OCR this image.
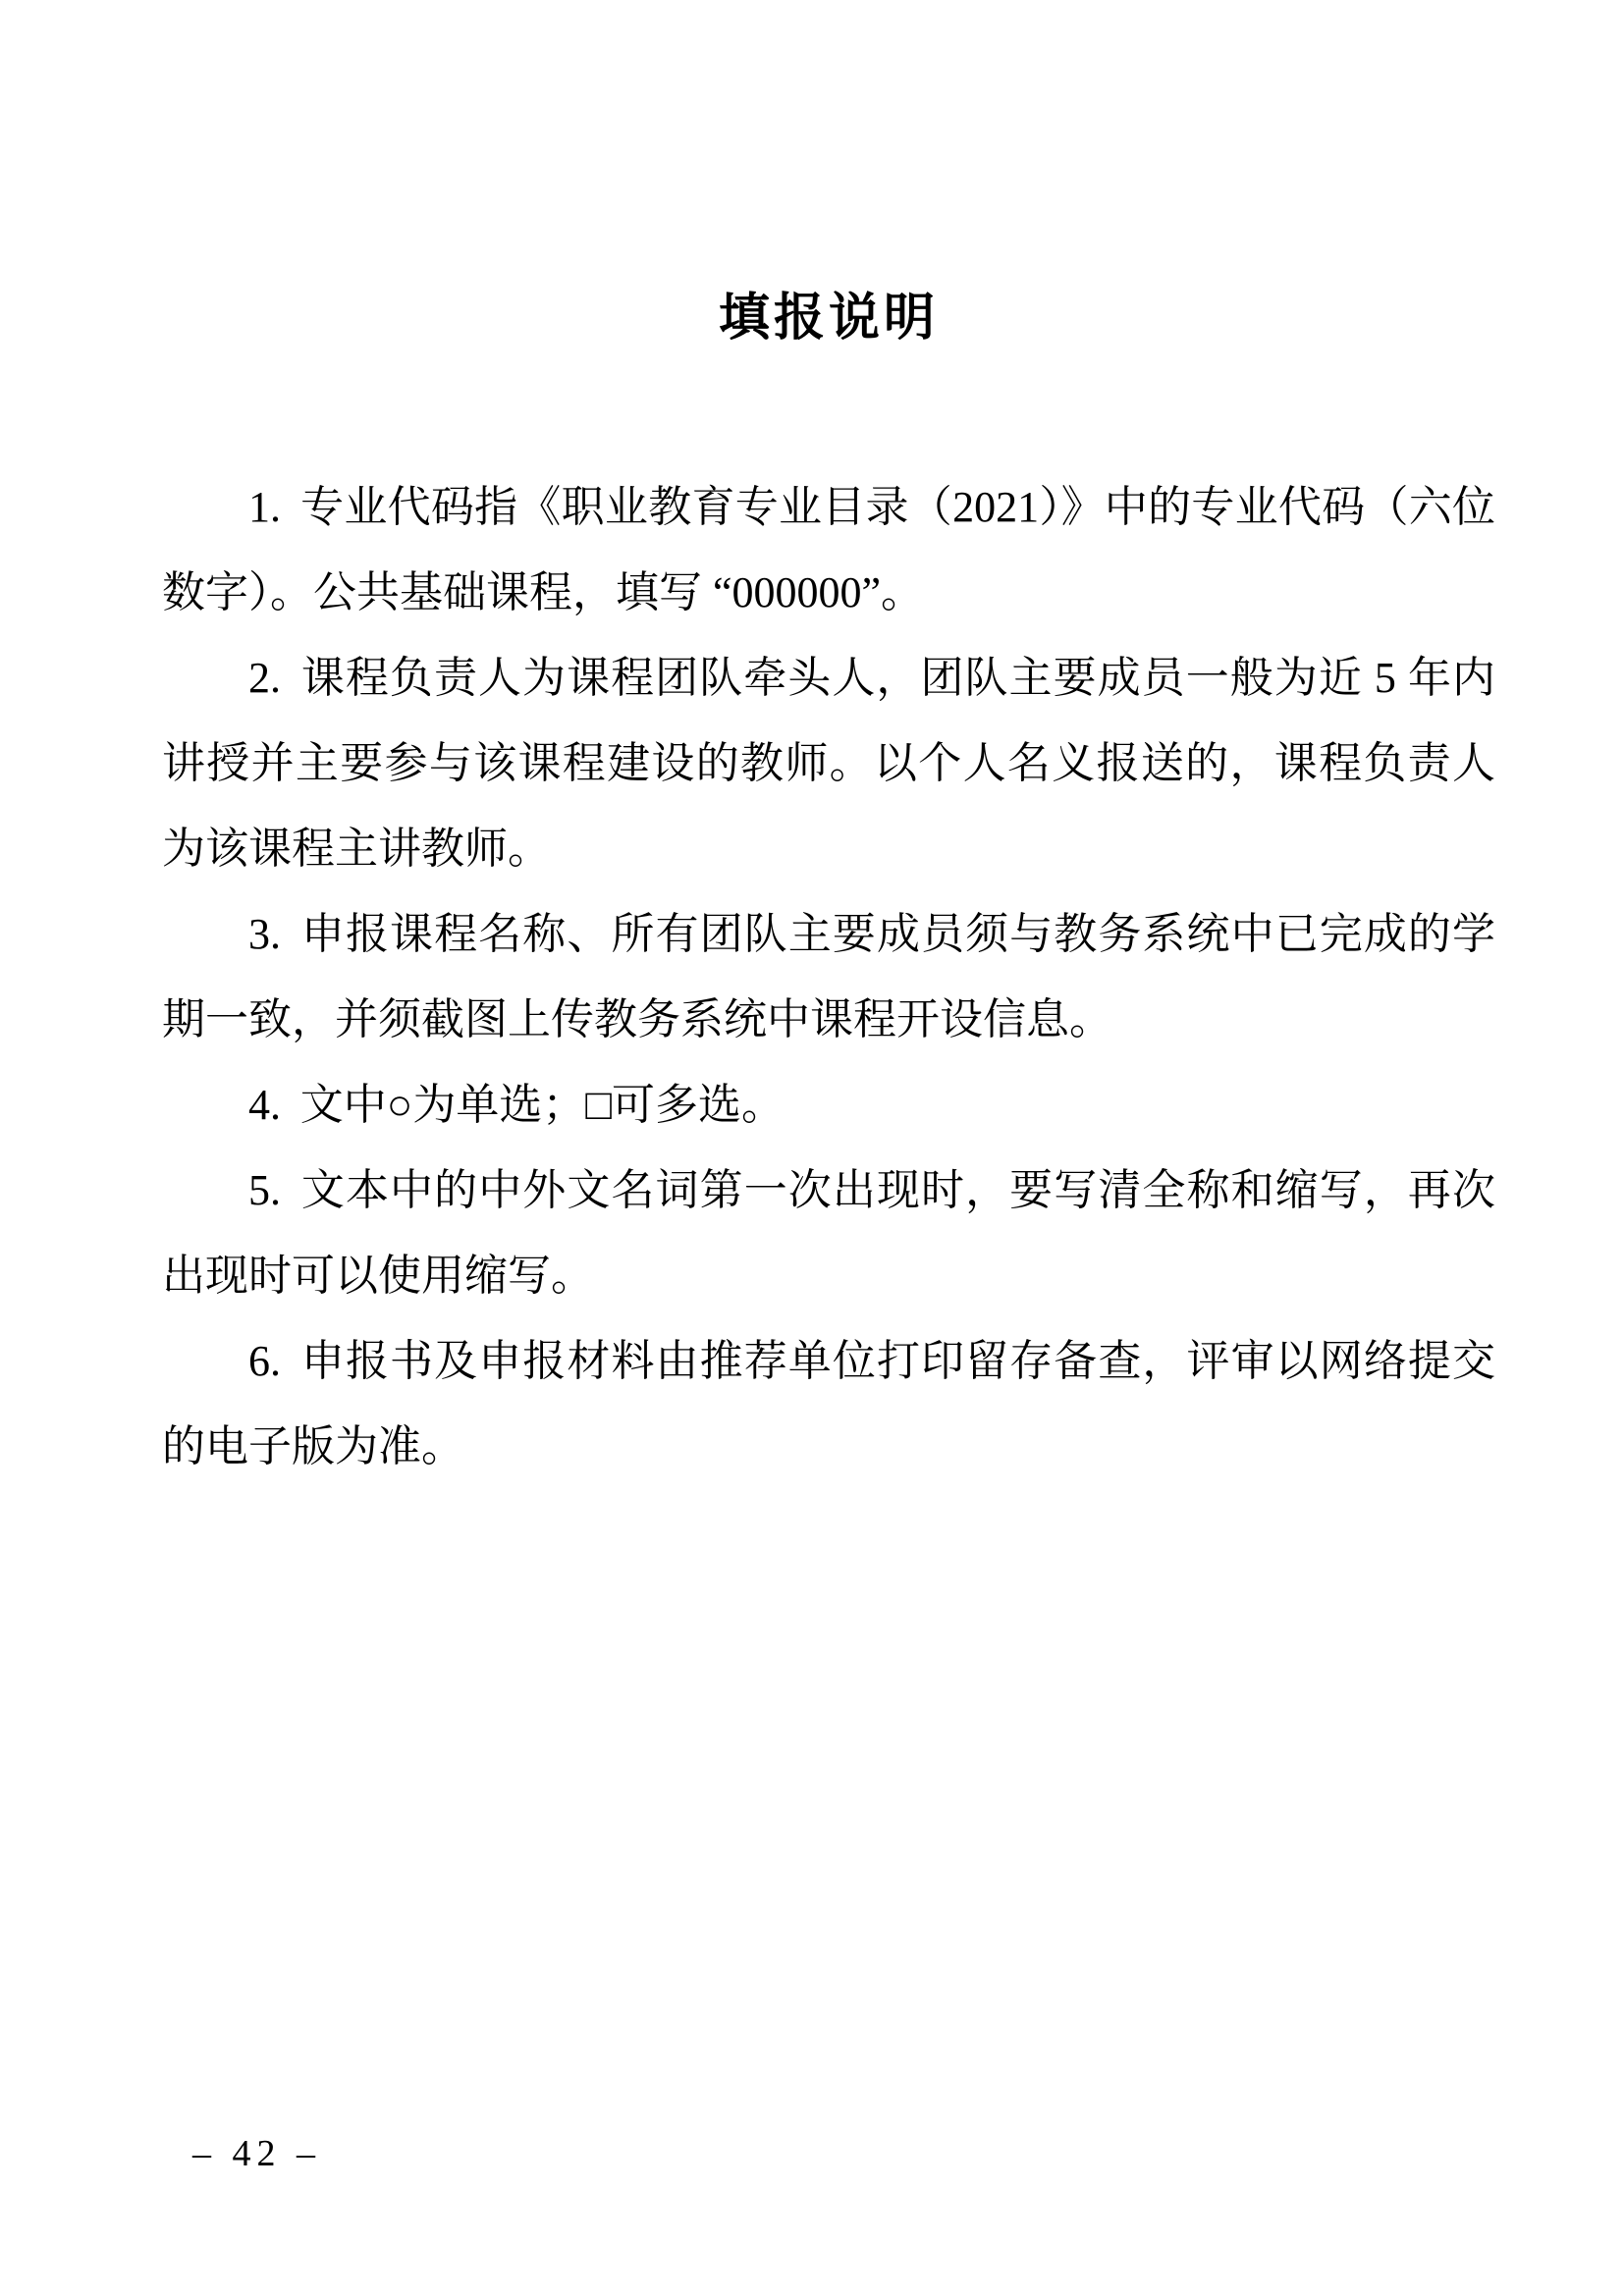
填报说明

1. 专业代码指《职业教育专业目录（2021）》中的专业代码（六位数字）。公共基础课程，填写 “000000”。

2. 课程负责人为课程团队牵头人，团队主要成员一般为近 5 年内讲授并主要参与该课程建设的教师。以个人名义报送的，课程负责人为该课程主讲教师。

3. 申报课程名称、所有团队主要成员须与教务系统中已完成的学期一致，并须截图上传教务系统中课程开设信息。

4. 文中○为单选；□可多选。

5. 文本中的中外文名词第一次出现时，要写清全称和缩写，再次出现时可以使用缩写。

6. 申报书及申报材料由推荐单位打印留存备查，评审以网络提交的电子版为准。

– 42 –
